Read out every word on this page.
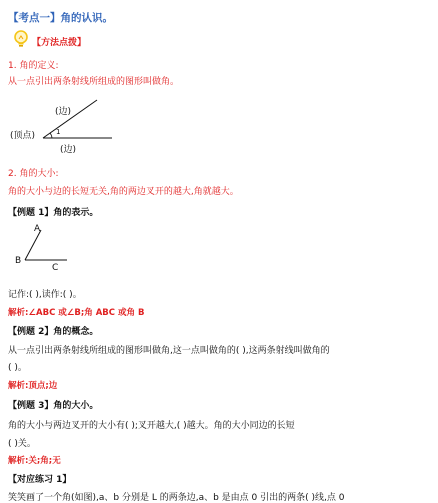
【考点一】角的认识。
【方法点拨】
1. 角的定义:
从一点引出两条射线所组成的图形叫做角。
(边)
(顶点)	1
(边)
2. 角的大小:
角的大小与边的长短无关,角的两边叉开的越大,角就越大。
【例题 1】角的表示。
A
B
C
记作:( ),读作:( )。
解析:∠ABC 或∠B;角 ABC 或角 B
【例题 2】角的概念。
从一点引出两条射线所组成的图形叫做角,这一点叫做角的( ),这两条射线叫做角的
( )。
解析:顶点;边
【例题 3】角的大小。
角的大小与两边叉开的大小有( );叉开越大,( )越大。角的大小同边的长短
( )关。
解析:关;角;无
【对应练习 1】
笑笑画了一个角(如图),a、b 分别是 L 的两条边,a、b 是由点 0 引出的两条( )线,点 0
